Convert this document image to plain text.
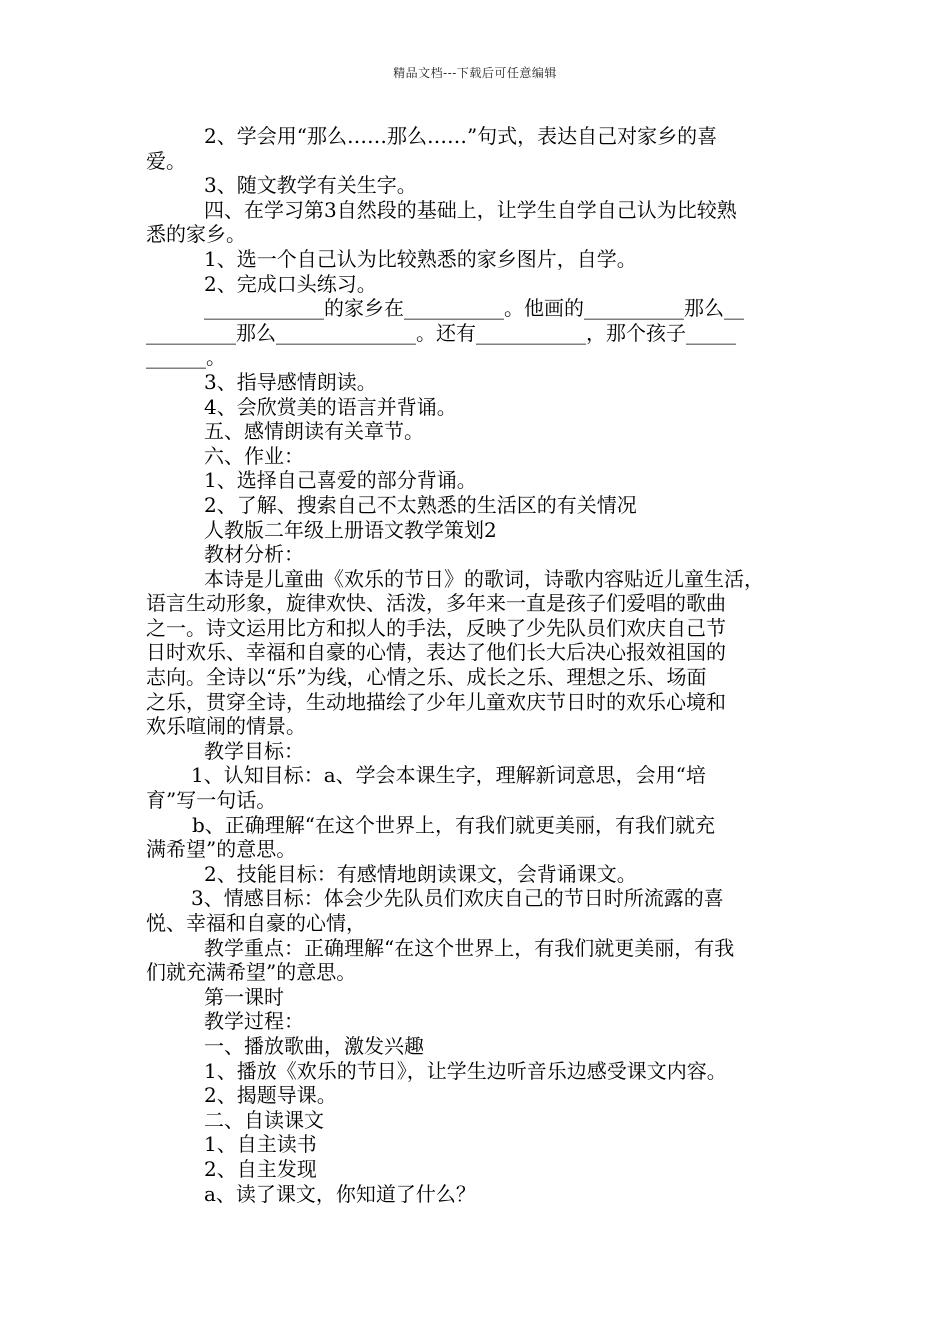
精品文档---下载后可任意编辑
2、学会用“那么……那么……”句式，表达自己对家乡的喜
爱。
3、随文教学有关生字。
四、在学习第3自然段的基础上，让学生自学自己认为比较熟
悉的家乡。
1、选一个自己认为比较熟悉的家乡图片，自学。
2、完成口头练习。
____________的家乡在__________。他画的__________那么__
_________那么______________。还有___________，那个孩子_____
______。
3、指导感情朗读。
4、会欣赏美的语言并背诵。
五、感情朗读有关章节。
六、作业：
1、选择自己喜爱的部分背诵。
2、了解、搜索自己不太熟悉的生活区的有关情况
人教版二年级上册语文教学策划2
教材分析：
本诗是儿童曲《欢乐的节日》的歌词，诗歌内容贴近儿童生活，
语言生动形象，旋律欢快、活泼，多年来一直是孩子们爱唱的歌曲
之一。诗文运用比方和拟人的手法，反映了少先队员们欢庆自己节
日时欢乐、幸福和自豪的心情，表达了他们长大后决心报效祖国的
志向。全诗以“乐”为线，心情之乐、成长之乐、理想之乐、场面
之乐，贯穿全诗，生动地描绘了少年儿童欢庆节日时的欢乐心境和
欢乐喧闹的情景。
教学目标：
1、认知目标：a、学会本课生字，理解新词意思，会用“培
育”写一句话。
b、正确理解“在这个世界上，有我们就更美丽，有我们就充
满希望”的意思。
2、技能目标：有感情地朗读课文，会背诵课文。
3、情感目标：体会少先队员们欢庆自己的节日时所流露的喜
悦、幸福和自豪的心情，
教学重点：正确理解“在这个世界上，有我们就更美丽，有我
们就充满希望”的意思。
第一课时
教学过程：
一、播放歌曲，激发兴趣
1、播放《欢乐的节日》，让学生边听音乐边感受课文内容。
2、揭题导课。
二、自读课文
1、自主读书
2、自主发现
a、读了课文，你知道了什么？
